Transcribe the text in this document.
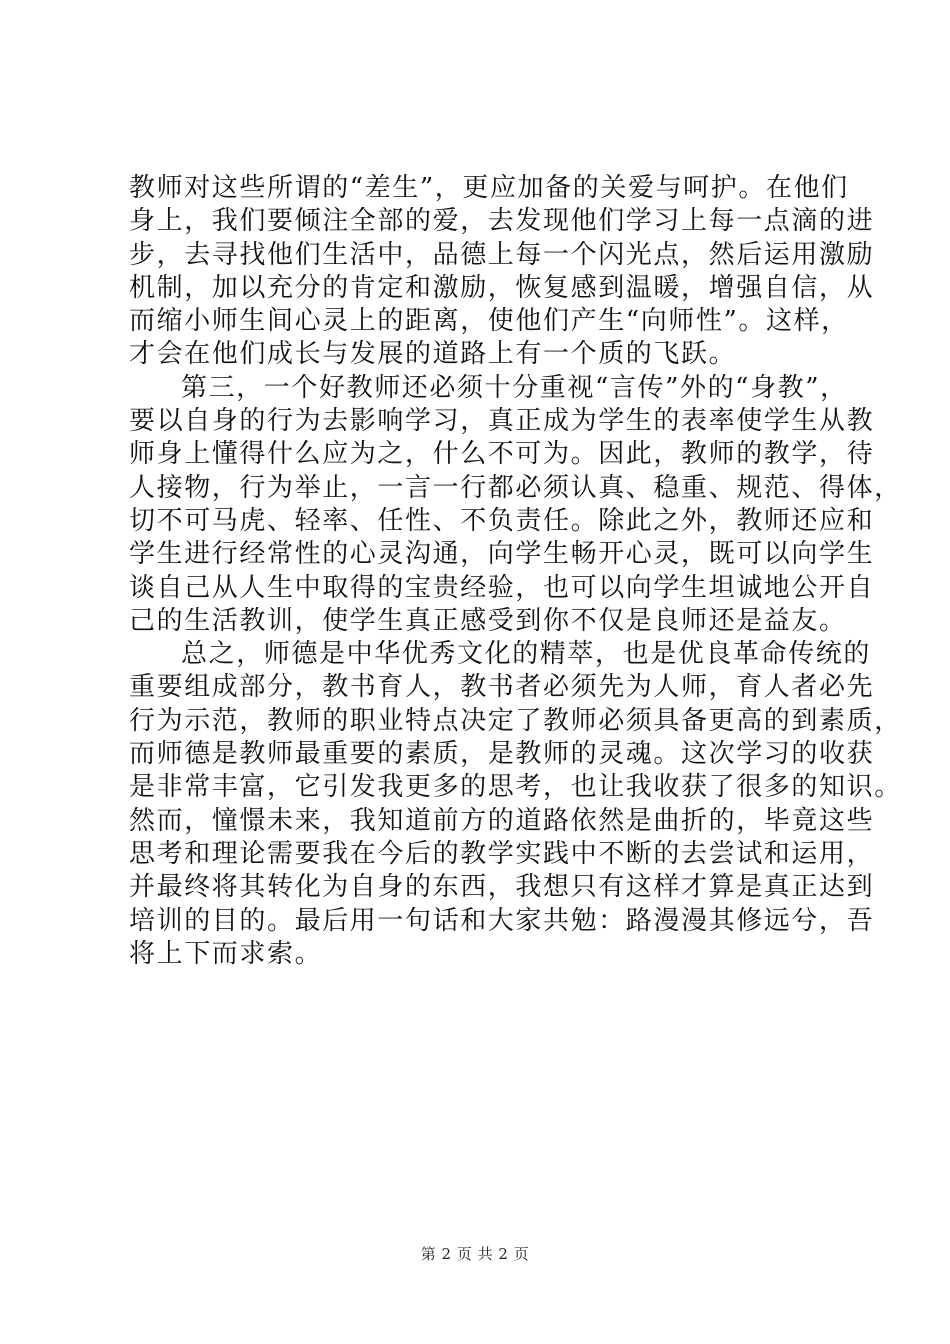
教师对这些所谓的“差生”，更应加备的关爱与呵护。在他们
身上，我们要倾注全部的爱，去发现他们学习上每一点滴的进
步，去寻找他们生活中，品德上每一个闪光点，然后运用激励
机制，加以充分的肯定和激励，恢复感到温暖，增强自信，从
而缩小师生间心灵上的距离，使他们产生“向师性”。这样，
才会在他们成长与发展的道路上有一个质的飞跃。
第三，一个好教师还必须十分重视“言传”外的“身教”，
要以自身的行为去影响学习，真正成为学生的表率使学生从教
师身上懂得什么应为之，什么不可为。因此，教师的教学，待
人接物，行为举止，一言一行都必须认真、稳重、规范、得体，
切不可马虎、轻率、任性、不负责任。除此之外，教师还应和
学生进行经常性的心灵沟通，向学生畅开心灵，既可以向学生
谈自己从人生中取得的宝贵经验，也可以向学生坦诚地公开自
己的生活教训，使学生真正感受到你不仅是良师还是益友。
总之，师德是中华优秀文化的精萃，也是优良革命传统的
重要组成部分，教书育人，教书者必须先为人师，育人者必先
行为示范，教师的职业特点决定了教师必须具备更高的到素质，
而师德是教师最重要的素质，是教师的灵魂。这次学习的收获
是非常丰富，它引发我更多的思考，也让我收获了很多的知识。
然而，憧憬未来，我知道前方的道路依然是曲折的，毕竟这些
思考和理论需要我在今后的教学实践中不断的去尝试和运用，
并最终将其转化为自身的东西，我想只有这样才算是真正达到
培训的目的。最后用一句话和大家共勉：路漫漫其修远兮，吾
将上下而求索。
第 2 页 共 2 页
